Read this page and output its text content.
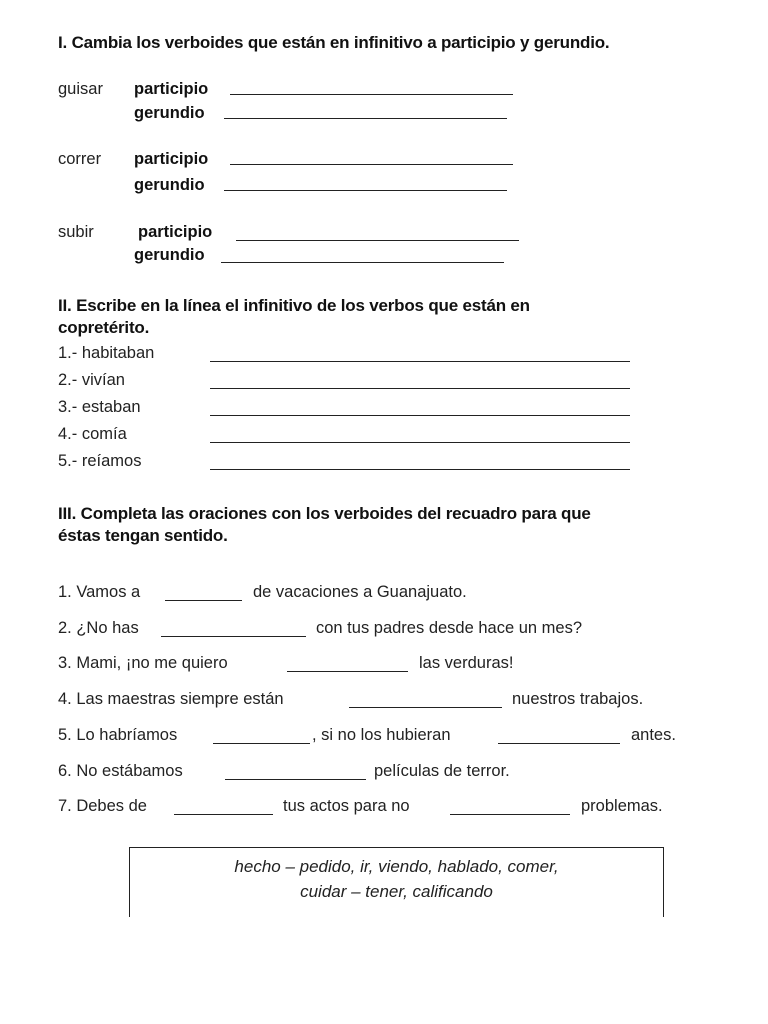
I. Cambia los verboides que están en infinitivo a participio y gerundio.
guisar participio
gerundio
correr participio
gerundio
subir	participio
gerundio
II. Escribe en la línea el infinitivo de los verbos que están en
copretérito.
1.- habitaban
2.- vivían
3.- estaban
4.- comía
5.- reíamos
III. Completa las oraciones con los verboides del recuadro para que
éstas tengan sentido.
1. Vamos a	de vacaciones a Guanajuato.
2. ¿No has	con tus padres desde hace un mes?
3. Mami, ¡no me quiero	las verduras!
4. Las maestras siempre están	nuestros trabajos.
5. Lo habríamos	, si no los hubieran	antes.
6. No estábamos	películas de terror.
7. Debes de	tus actos para no	problemas.
hecho – pedido, ir, viendo, hablado, comer,
cuidar – tener, calificando
